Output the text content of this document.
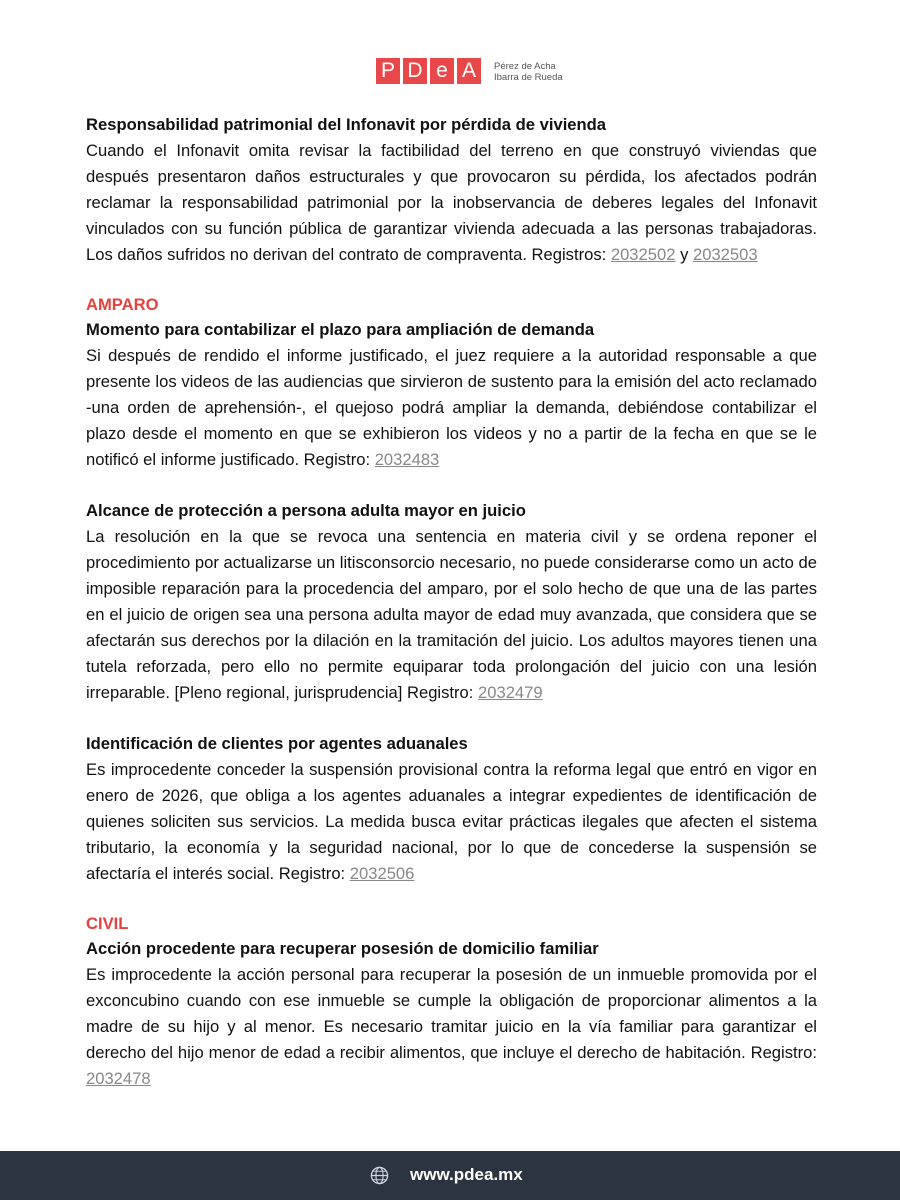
P D e A	Pérez de Acha
Ibarra de Rueda
Responsabilidad patrimonial del Infonavit por pérdida de vivienda
Cuando el Infonavit omita revisar la factibilidad del terreno en que construyó viviendas que después presentaron daños estructurales y que provocaron su pérdida, los afectados podrán reclamar la responsabilidad patrimonial por la inobservancia de deberes legales del Infonavit vinculados con su función pública de garantizar vivienda adecuada a las personas trabajadoras. Los daños sufridos no derivan del contrato de compraventa. Registros: 2032502 y 2032503
AMPARO
Momento para contabilizar el plazo para ampliación de demanda
Si después de rendido el informe justificado, el juez requiere a la autoridad responsable a que presente los videos de las audiencias que sirvieron de sustento para la emisión del acto reclamado -una orden de aprehensión-, el quejoso podrá ampliar la demanda, debiéndose contabilizar el plazo desde el momento en que se exhibieron los videos y no a partir de la fecha en que se le notificó el informe justificado. Registro: 2032483
Alcance de protección a persona adulta mayor en juicio
La resolución en la que se revoca una sentencia en materia civil y se ordena reponer el procedimiento por actualizarse un litisconsorcio necesario, no puede considerarse como un acto de imposible reparación para la procedencia del amparo, por el solo hecho de que una de las partes en el juicio de origen sea una persona adulta mayor de edad muy avanzada, que considera que se afectarán sus derechos por la dilación en la tramitación del juicio. Los adultos mayores tienen una tutela reforzada, pero ello no permite equiparar toda prolongación del juicio con una lesión irreparable. [Pleno regional, jurisprudencia] Registro: 2032479
Identificación de clientes por agentes aduanales
Es improcedente conceder la suspensión provisional contra la reforma legal que entró en vigor en enero de 2026, que obliga a los agentes aduanales a integrar expedientes de identificación de quienes soliciten sus servicios. La medida busca evitar prácticas ilegales que afecten el sistema tributario, la economía y la seguridad nacional, por lo que de concederse la suspensión se afectaría el interés social. Registro: 2032506
CIVIL
Acción procedente para recuperar posesión de domicilio familiar
Es improcedente la acción personal para recuperar la posesión de un inmueble promovida por el exconcubino cuando con ese inmueble se cumple la obligación de proporcionar alimentos a la madre de su hijo y al menor. Es necesario tramitar juicio en la vía familiar para garantizar el derecho del hijo menor de edad a recibir alimentos, que incluye el derecho de habitación. Registro: 2032478
www.pdea.mx
